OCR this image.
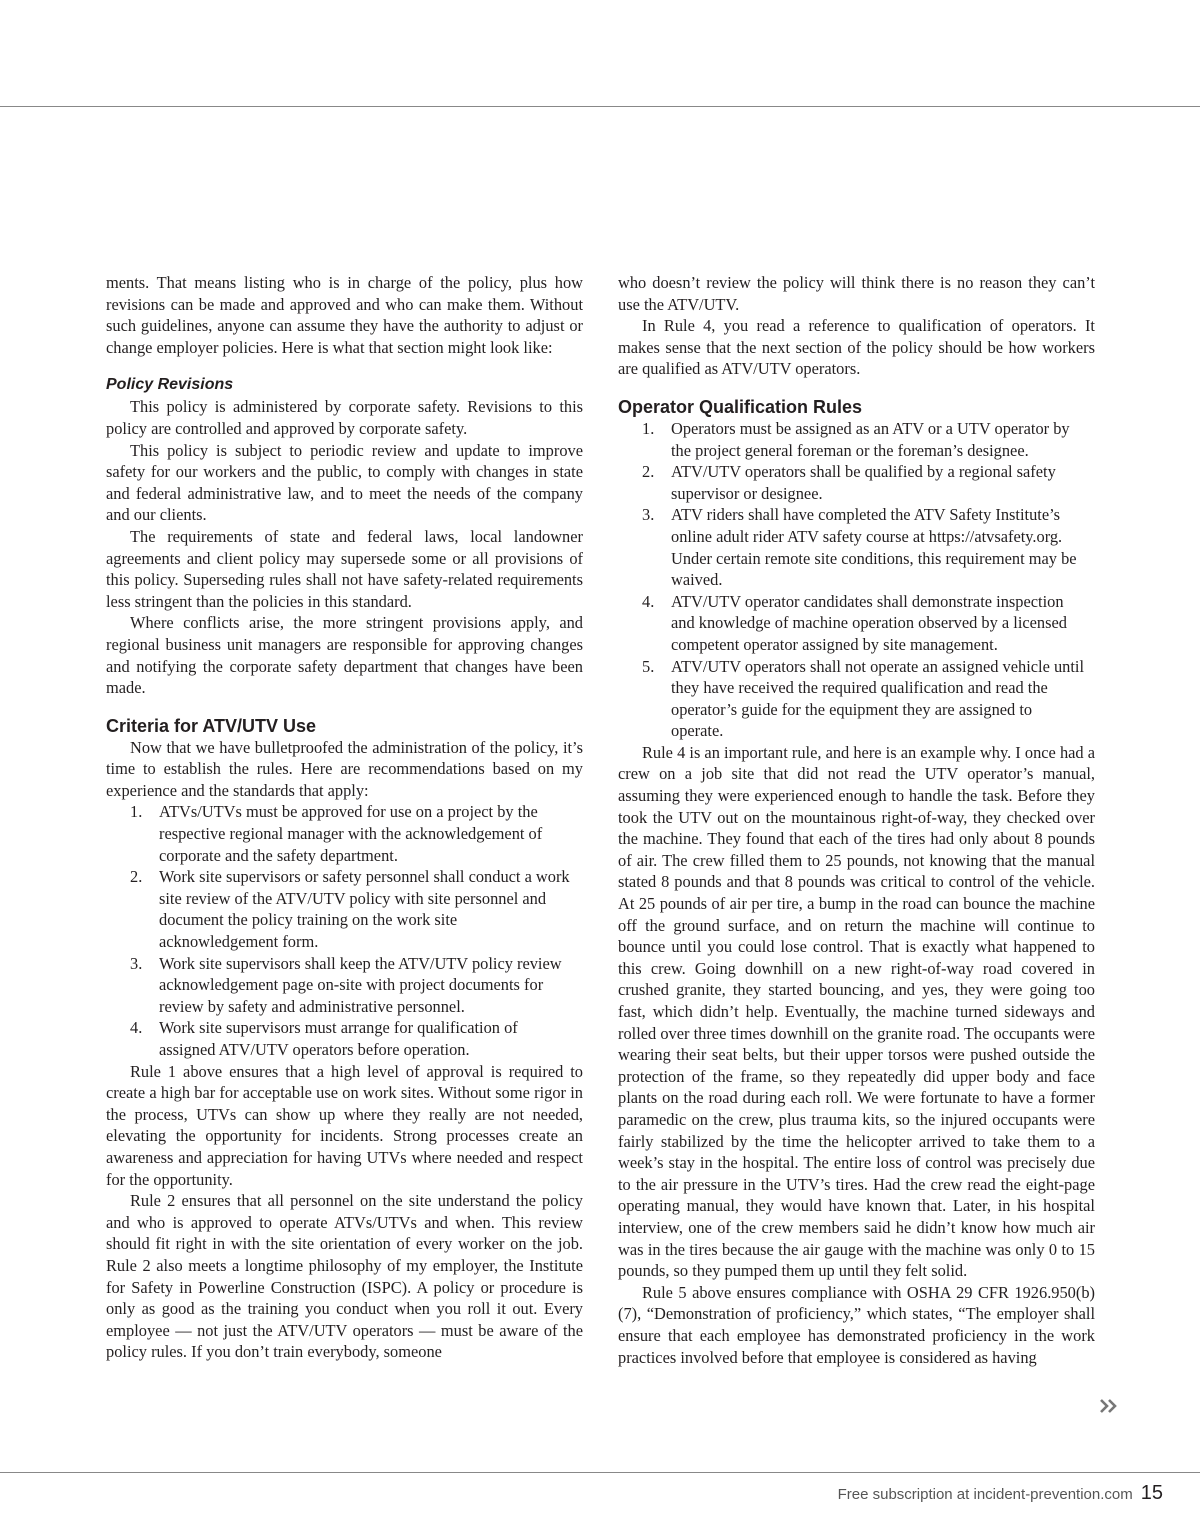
ments. That means listing who is in charge of the policy, plus how revisions can be made and approved and who can make them. Without such guidelines, anyone can assume they have the authority to adjust or change employer policies. Here is what that section might look like:

Policy Revisions

This policy is administered by corporate safety. Revisions to this policy are controlled and approved by corporate safety.

This policy is subject to periodic review and update to improve safety for our workers and the public, to comply with changes in state and federal administrative law, and to meet the needs of the company and our clients.

The requirements of state and federal laws, local landowner agreements and client policy may supersede some or all provisions of this policy. Superseding rules shall not have safety-related requirements less stringent than the policies in this standard.

Where conflicts arise, the more stringent provisions apply, and regional business unit managers are responsible for approving changes and notifying the corporate safety department that changes have been made.

Criteria for ATV/UTV Use

Now that we have bulletproofed the administration of the policy, it’s time to establish the rules. Here are recommendations based on my experience and the standards that apply:

1. ATVs/UTVs must be approved for use on a project by the respective regional manager with the acknowledgement of corporate and the safety department.
2. Work site supervisors or safety personnel shall conduct a work site review of the ATV/UTV policy with site personnel and document the policy training on the work site acknowledgement form.
3. Work site supervisors shall keep the ATV/UTV policy review acknowledgement page on-site with project documents for review by safety and administrative personnel.
4. Work site supervisors must arrange for qualification of assigned ATV/UTV operators before operation.

Rule 1 above ensures that a high level of approval is required to create a high bar for acceptable use on work sites. Without some rigor in the process, UTVs can show up where they really are not needed, elevating the opportunity for incidents. Strong processes create an awareness and appreciation for having UTVs where needed and respect for the opportunity.

Rule 2 ensures that all personnel on the site understand the policy and who is approved to operate ATVs/UTVs and when. This review should fit right in with the site orientation of every worker on the job. Rule 2 also meets a longtime philosophy of my employer, the Institute for Safety in Powerline Construction (ISPC). A policy or procedure is only as good as the training you conduct when you roll it out. Every employee — not just the ATV/UTV operators — must be aware of the policy rules. If you don’t train everybody, someone

who doesn’t review the policy will think there is no reason they can’t use the ATV/UTV.

In Rule 4, you read a reference to qualification of operators. It makes sense that the next section of the policy should be how workers are qualified as ATV/UTV operators.

Operator Qualification Rules
1. Operators must be assigned as an ATV or a UTV operator by the project general foreman or the foreman’s designee.
2. ATV/UTV operators shall be qualified by a regional safety supervisor or designee.
3. ATV riders shall have completed the ATV Safety Institute’s online adult rider ATV safety course at https://atvsafety.org. Under certain remote site conditions, this requirement may be waived.
4. ATV/UTV operator candidates shall demonstrate inspection and knowledge of machine operation observed by a licensed competent operator assigned by site management.
5. ATV/UTV operators shall not operate an assigned vehicle until they have received the required qualification and read the operator’s guide for the equipment they are assigned to operate.

Rule 4 is an important rule, and here is an example why. I once had a crew on a job site that did not read the UTV operator’s manual, assuming they were experienced enough to handle the task. Before they took the UTV out on the mountainous right-of-way, they checked over the machine. They found that each of the tires had only about 8 pounds of air. The crew filled them to 25 pounds, not knowing that the manual stated 8 pounds and that 8 pounds was critical to control of the vehicle. At 25 pounds of air per tire, a bump in the road can bounce the machine off the ground surface, and on return the machine will continue to bounce until you could lose control. That is exactly what happened to this crew. Going downhill on a new right-of-way road covered in crushed granite, they started bouncing, and yes, they were going too fast, which didn’t help. Eventually, the machine turned sideways and rolled over three times downhill on the granite road. The occupants were wearing their seat belts, but their upper torsos were pushed outside the protection of the frame, so they repeatedly did upper body and face plants on the road during each roll. We were fortunate to have a former paramedic on the crew, plus trauma kits, so the injured occupants were fairly stabilized by the time the helicopter arrived to take them to a week’s stay in the hospital. The entire loss of control was precisely due to the air pressure in the UTV’s tires. Had the crew read the eight-page operating manual, they would have known that. Later, in his hospital interview, one of the crew members said he didn’t know how much air was in the tires because the air gauge with the machine was only 0 to 15 pounds, so they pumped them up until they felt solid.

Rule 5 above ensures compliance with OSHA 29 CFR 1926.950(b)(7), “Demonstration of proficiency,” which states, “The employer shall ensure that each employee has demonstrated proficiency in the work practices involved before that employee is considered as having

Free subscription at incident-prevention.com 15
